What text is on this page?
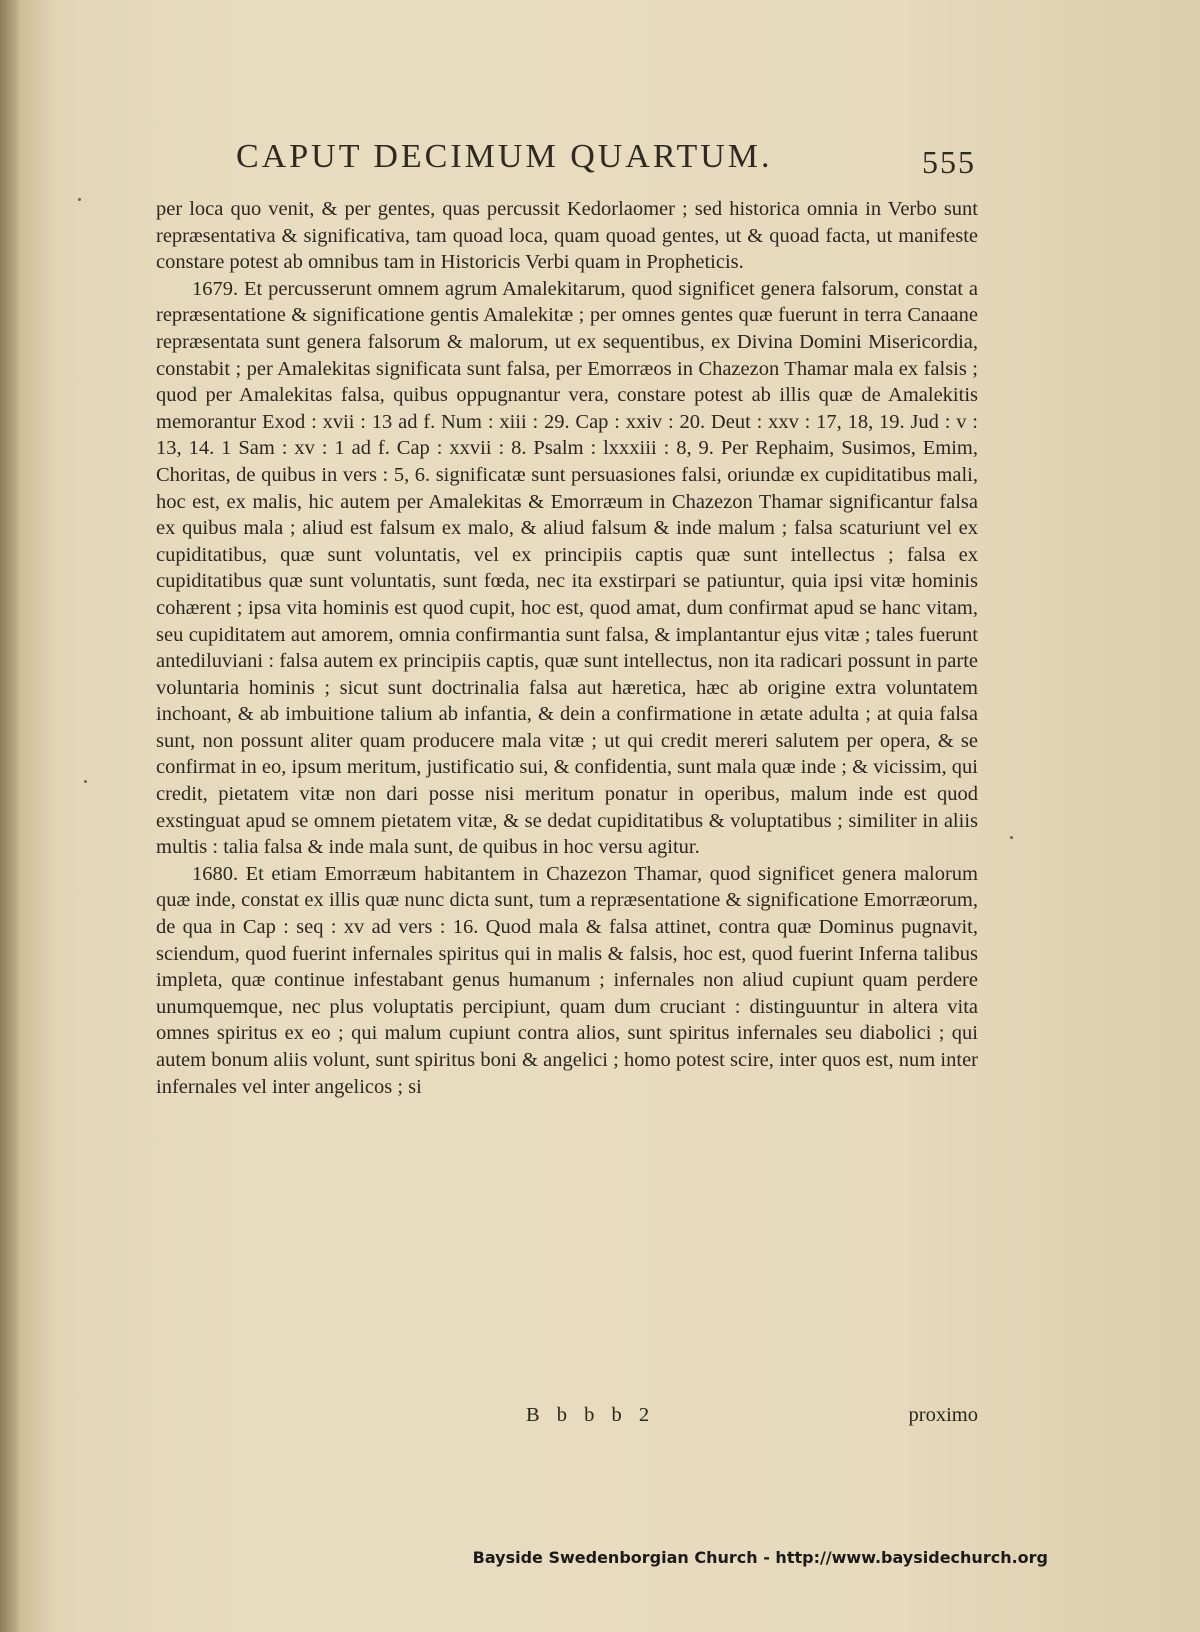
CAPUT DECIMUM QUARTUM.	555

per loca quo venit, & per gentes, quas percussit Kedorlaomer ; sed historica omnia in Verbo sunt repræsentativa & significativa, tam quoad loca, quam quoad gentes, ut & quoad facta, ut manifeste constare potest ab omnibus tam in Historicis Verbi quam in Propheticis.

1679. Et percusserunt omnem agrum Amalekitarum, quod significet genera falsorum, constat a repræsentatione & significatione gentis Amalekitæ ; per omnes gentes quæ fuerunt in terra Canaane repræsentata sunt genera falsorum & malorum, ut ex sequentibus, ex Divina Domini Misericordia, constabit ; per Amalekitas significata sunt falsa, per Emorræos in Chazezon Thamar mala ex falsis ; quod per Amalekitas falsa, quibus oppugnantur vera, constare potest ab illis quæ de Amalekitis memorantur Exod : xvii : 13 ad f. Num : xiii : 29. Cap : xxiv : 20. Deut : xxv : 17, 18, 19. Jud : v : 13, 14. 1 Sam : xv : 1 ad f. Cap : xxvii : 8. Psalm : lxxxiii : 8, 9. Per Rephaim, Susimos, Emim, Choritas, de quibus in vers : 5, 6. significatæ sunt persuasiones falsi, oriundæ ex cupiditatibus mali, hoc est, ex malis, hic autem per Amalekitas & Emorræum in Chazezon Thamar significantur falsa ex quibus mala ; aliud est falsum ex malo, & aliud falsum & inde malum ; falsa scaturiunt vel ex cupiditatibus, quæ sunt voluntatis, vel ex principiis captis quæ sunt intellectus ; falsa ex cupiditatibus quæ sunt voluntatis, sunt fœda, nec ita exstirpari se patiuntur, quia ipsi vitæ hominis cohærent ; ipsa vita hominis est quod cupit, hoc est, quod amat, dum confirmat apud se hanc vitam, seu cupiditatem aut amorem, omnia confirmantia sunt falsa, & implantantur ejus vitæ ; tales fuerunt antediluviani : falsa autem ex principiis captis, quæ sunt intellectus, non ita radicari possunt in parte voluntaria hominis ; sicut sunt doctrinalia falsa aut hæretica, hæc ab origine extra voluntatem inchoant, & ab imbuitione talium ab infantia, & dein a confirmatione in ætate adulta ; at quia falsa sunt, non possunt aliter quam producere mala vitæ ; ut qui credit mereri salutem per opera, & se confirmat in eo, ipsum meritum, justificatio sui, & confidentia, sunt mala quæ inde ; & vicissim, qui credit, pietatem vitæ non dari posse nisi meritum ponatur in operibus, malum inde est quod exstinguat apud se omnem pietatem vitæ, & se dedat cupiditatibus & voluptatibus ; similiter in aliis multis : talia falsa & inde mala sunt, de quibus in hoc versu agitur.

1680. Et etiam Emorræum habitantem in Chazezon Thamar, quod significet genera malorum quæ inde, constat ex illis quæ nunc dicta sunt, tum a repræsentatione & significatione Emorræorum, de qua in Cap : seq : xv ad vers : 16. Quod mala & falsa attinet, contra quæ Dominus pugnavit, sciendum, quod fuerint infernales spiritus qui in malis & falsis, hoc est, quod fuerint Inferna talibus impleta, quæ continue infestabant genus humanum ; infernales non aliud cupiunt quam perdere unumquemque, nec plus voluptatis percipiunt, quam dum cruciant : distinguuntur in altera vita omnes spiritus ex eo ; qui malum cupiunt contra alios, sunt spiritus infernales seu diabolici ; qui autem bonum aliis volunt, sunt spiritus boni & angelici ; homo potest scire, inter quos est, num inter infernales vel inter angelicos ; si

B b b b 2	proximo
Bayside Swedenborgian Church - http://www.baysidechurch.org
